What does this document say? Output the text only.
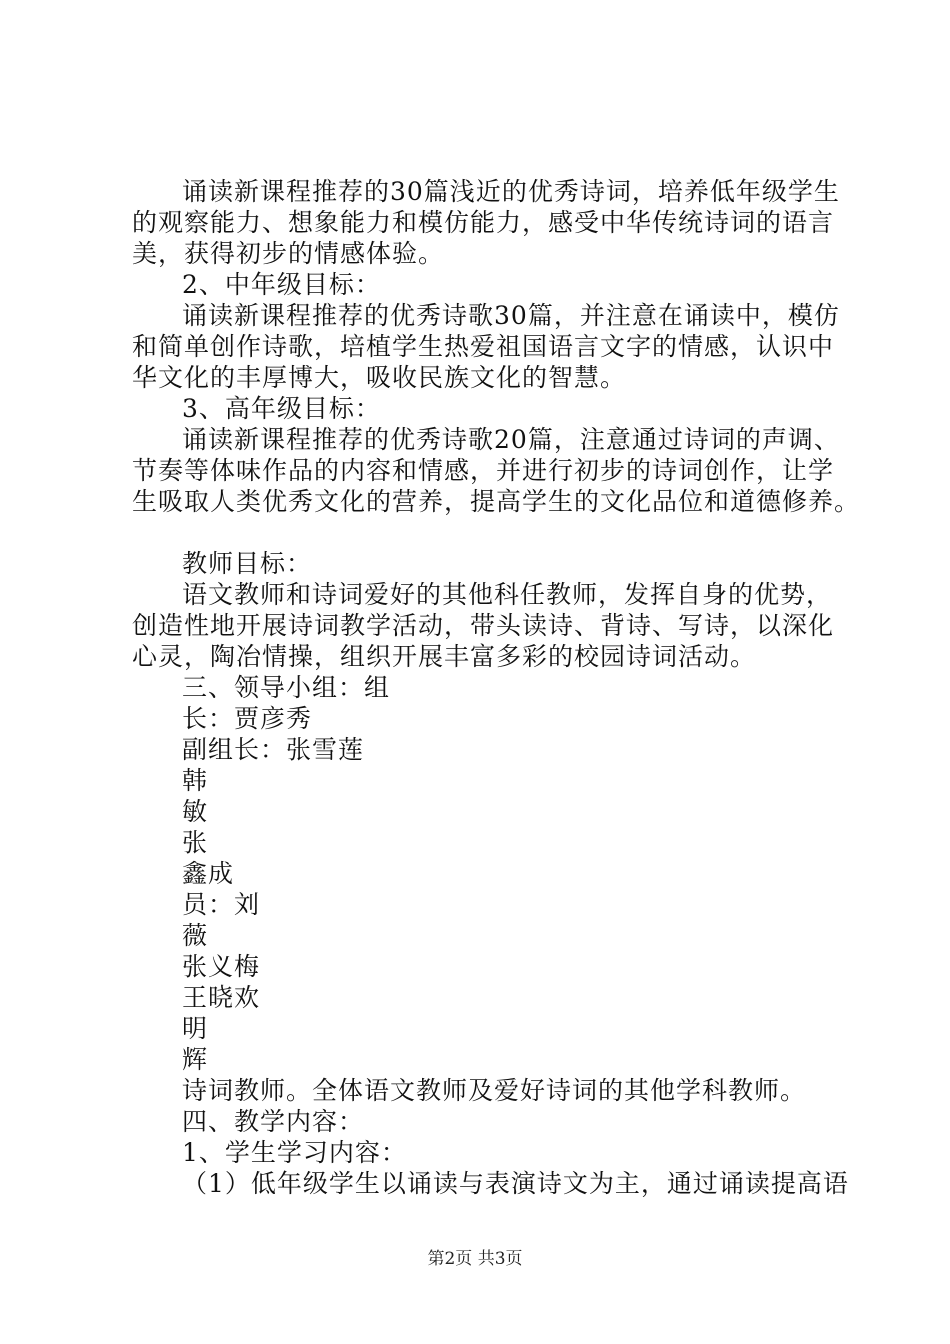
诵读新课程推荐的30篇浅近的优秀诗词，培养低年级学生

的观察能力、想象能力和模仿能力，感受中华传统诗词的语言

美，获得初步的情感体验。

2、中年级目标：

诵读新课程推荐的优秀诗歌30篇，并注意在诵读中，模仿

和简单创作诗歌，培植学生热爱祖国语言文字的情感，认识中

华文化的丰厚博大，吸收民族文化的智慧。

3、高年级目标：

诵读新课程推荐的优秀诗歌20篇，注意通过诗词的声调、

节奏等体味作品的内容和情感，并进行初步的诗词创作，让学

生吸取人类优秀文化的营养，提高学生的文化品位和道德修养。

教师目标：

语文教师和诗词爱好的其他科任教师，发挥自身的优势，

创造性地开展诗词教学活动，带头读诗、背诗、写诗，以深化

心灵，陶冶情操，组织开展丰富多彩的校园诗词活动。

三、领导小组：组

长：贾彦秀

副组长：张雪莲

韩

敏

张

鑫成

员：刘

薇

张义梅

王晓欢

明

辉

诗词教师。全体语文教师及爱好诗词的其他学科教师。

四、教学内容：

1、学生学习内容：

（1）低年级学生以诵读与表演诗文为主，通过诵读提高语

第2页 共3页
